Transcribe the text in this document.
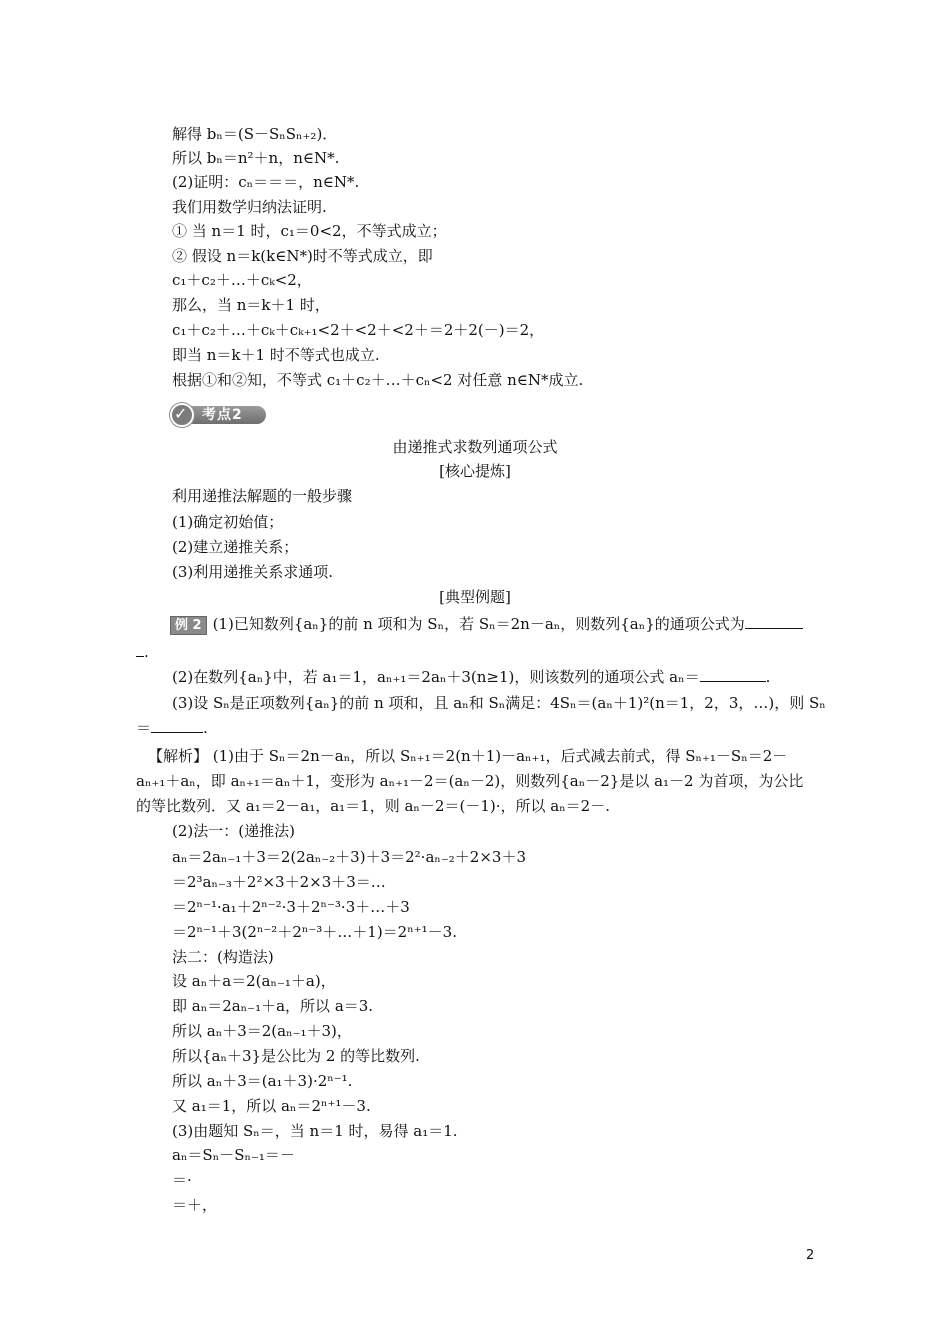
解得 bₙ＝(S－SₙSₙ₊₂)．
所以 bₙ＝n²＋n，n∈N*.
(2)证明：cₙ＝＝＝，n∈N*.
我们用数学归纳法证明.
① 当 n＝1 时，c₁＝0<2，不等式成立；
② 假设 n＝k(k∈N*)时不等式成立，即
c₁＋c₂＋…＋cₖ<2，
那么，当 n＝k＋1 时，
c₁＋c₂＋…＋cₖ＋cₖ₊₁<2＋<2＋<2＋＝2＋2(－)＝2，
即当 n＝k＋1 时不等式也成立.
根据①和②知，不等式 c₁＋c₂＋…＋cₙ<2 对任意 n∈N*成立.
✓ 考点2
由递推式求数列通项公式
[核心提炼]
利用递推法解题的一般步骤
(1)确定初始值；
(2)建立递推关系；
(3)利用递推关系求通项.
[典型例题]
例 2 (1)已知数列{aₙ}的前 n 项和为 Sₙ，若 Sₙ＝2n－aₙ，则数列{aₙ}的通项公式为
.
(2)在数列{aₙ}中，若 a₁＝1，aₙ₊₁＝2aₙ＋3(n≥1)，则该数列的通项公式 aₙ＝	.
(3)设 Sₙ是正项数列{aₙ}的前 n 项和，且 aₙ和 Sₙ满足：4Sₙ＝(aₙ＋1)²(n＝1，2，3，…)，则 Sₙ
＝	.
【解析】 (1)由于 Sₙ＝2n－aₙ，所以 Sₙ₊₁＝2(n＋1)－aₙ₊₁，后式减去前式，得 Sₙ₊₁－Sₙ＝2－
aₙ₊₁＋aₙ，即 aₙ₊₁＝aₙ＋1，变形为 aₙ₊₁－2＝(aₙ－2)，则数列{aₙ－2}是以 a₁－2 为首项，为公比
的等比数列．又 a₁＝2－a₁，a₁＝1，则 aₙ－2＝(－1)·，所以 aₙ＝2－.
(2)法一：(递推法)
aₙ＝2aₙ₋₁＋3＝2(2aₙ₋₂＋3)＋3＝2²·aₙ₋₂＋2×3＋3
＝2³aₙ₋₃＋2²×3＋2×3＋3＝…
＝2ⁿ⁻¹·a₁＋2ⁿ⁻²·3＋2ⁿ⁻³·3＋…＋3
＝2ⁿ⁻¹＋3(2ⁿ⁻²＋2ⁿ⁻³＋…＋1)＝2ⁿ⁺¹－3.
法二：(构造法)
设 aₙ＋a＝2(aₙ₋₁＋a)，
即 aₙ＝2aₙ₋₁＋a，所以 a＝3.
所以 aₙ＋3＝2(aₙ₋₁＋3)，
所以{aₙ＋3}是公比为 2 的等比数列.
所以 aₙ＋3＝(a₁＋3)·2ⁿ⁻¹.
又 a₁＝1，所以 aₙ＝2ⁿ⁺¹－3.
(3)由题知 Sₙ＝，当 n＝1 时，易得 a₁＝1.
aₙ＝Sₙ－Sₙ₋₁＝－
＝·
＝＋，
2
